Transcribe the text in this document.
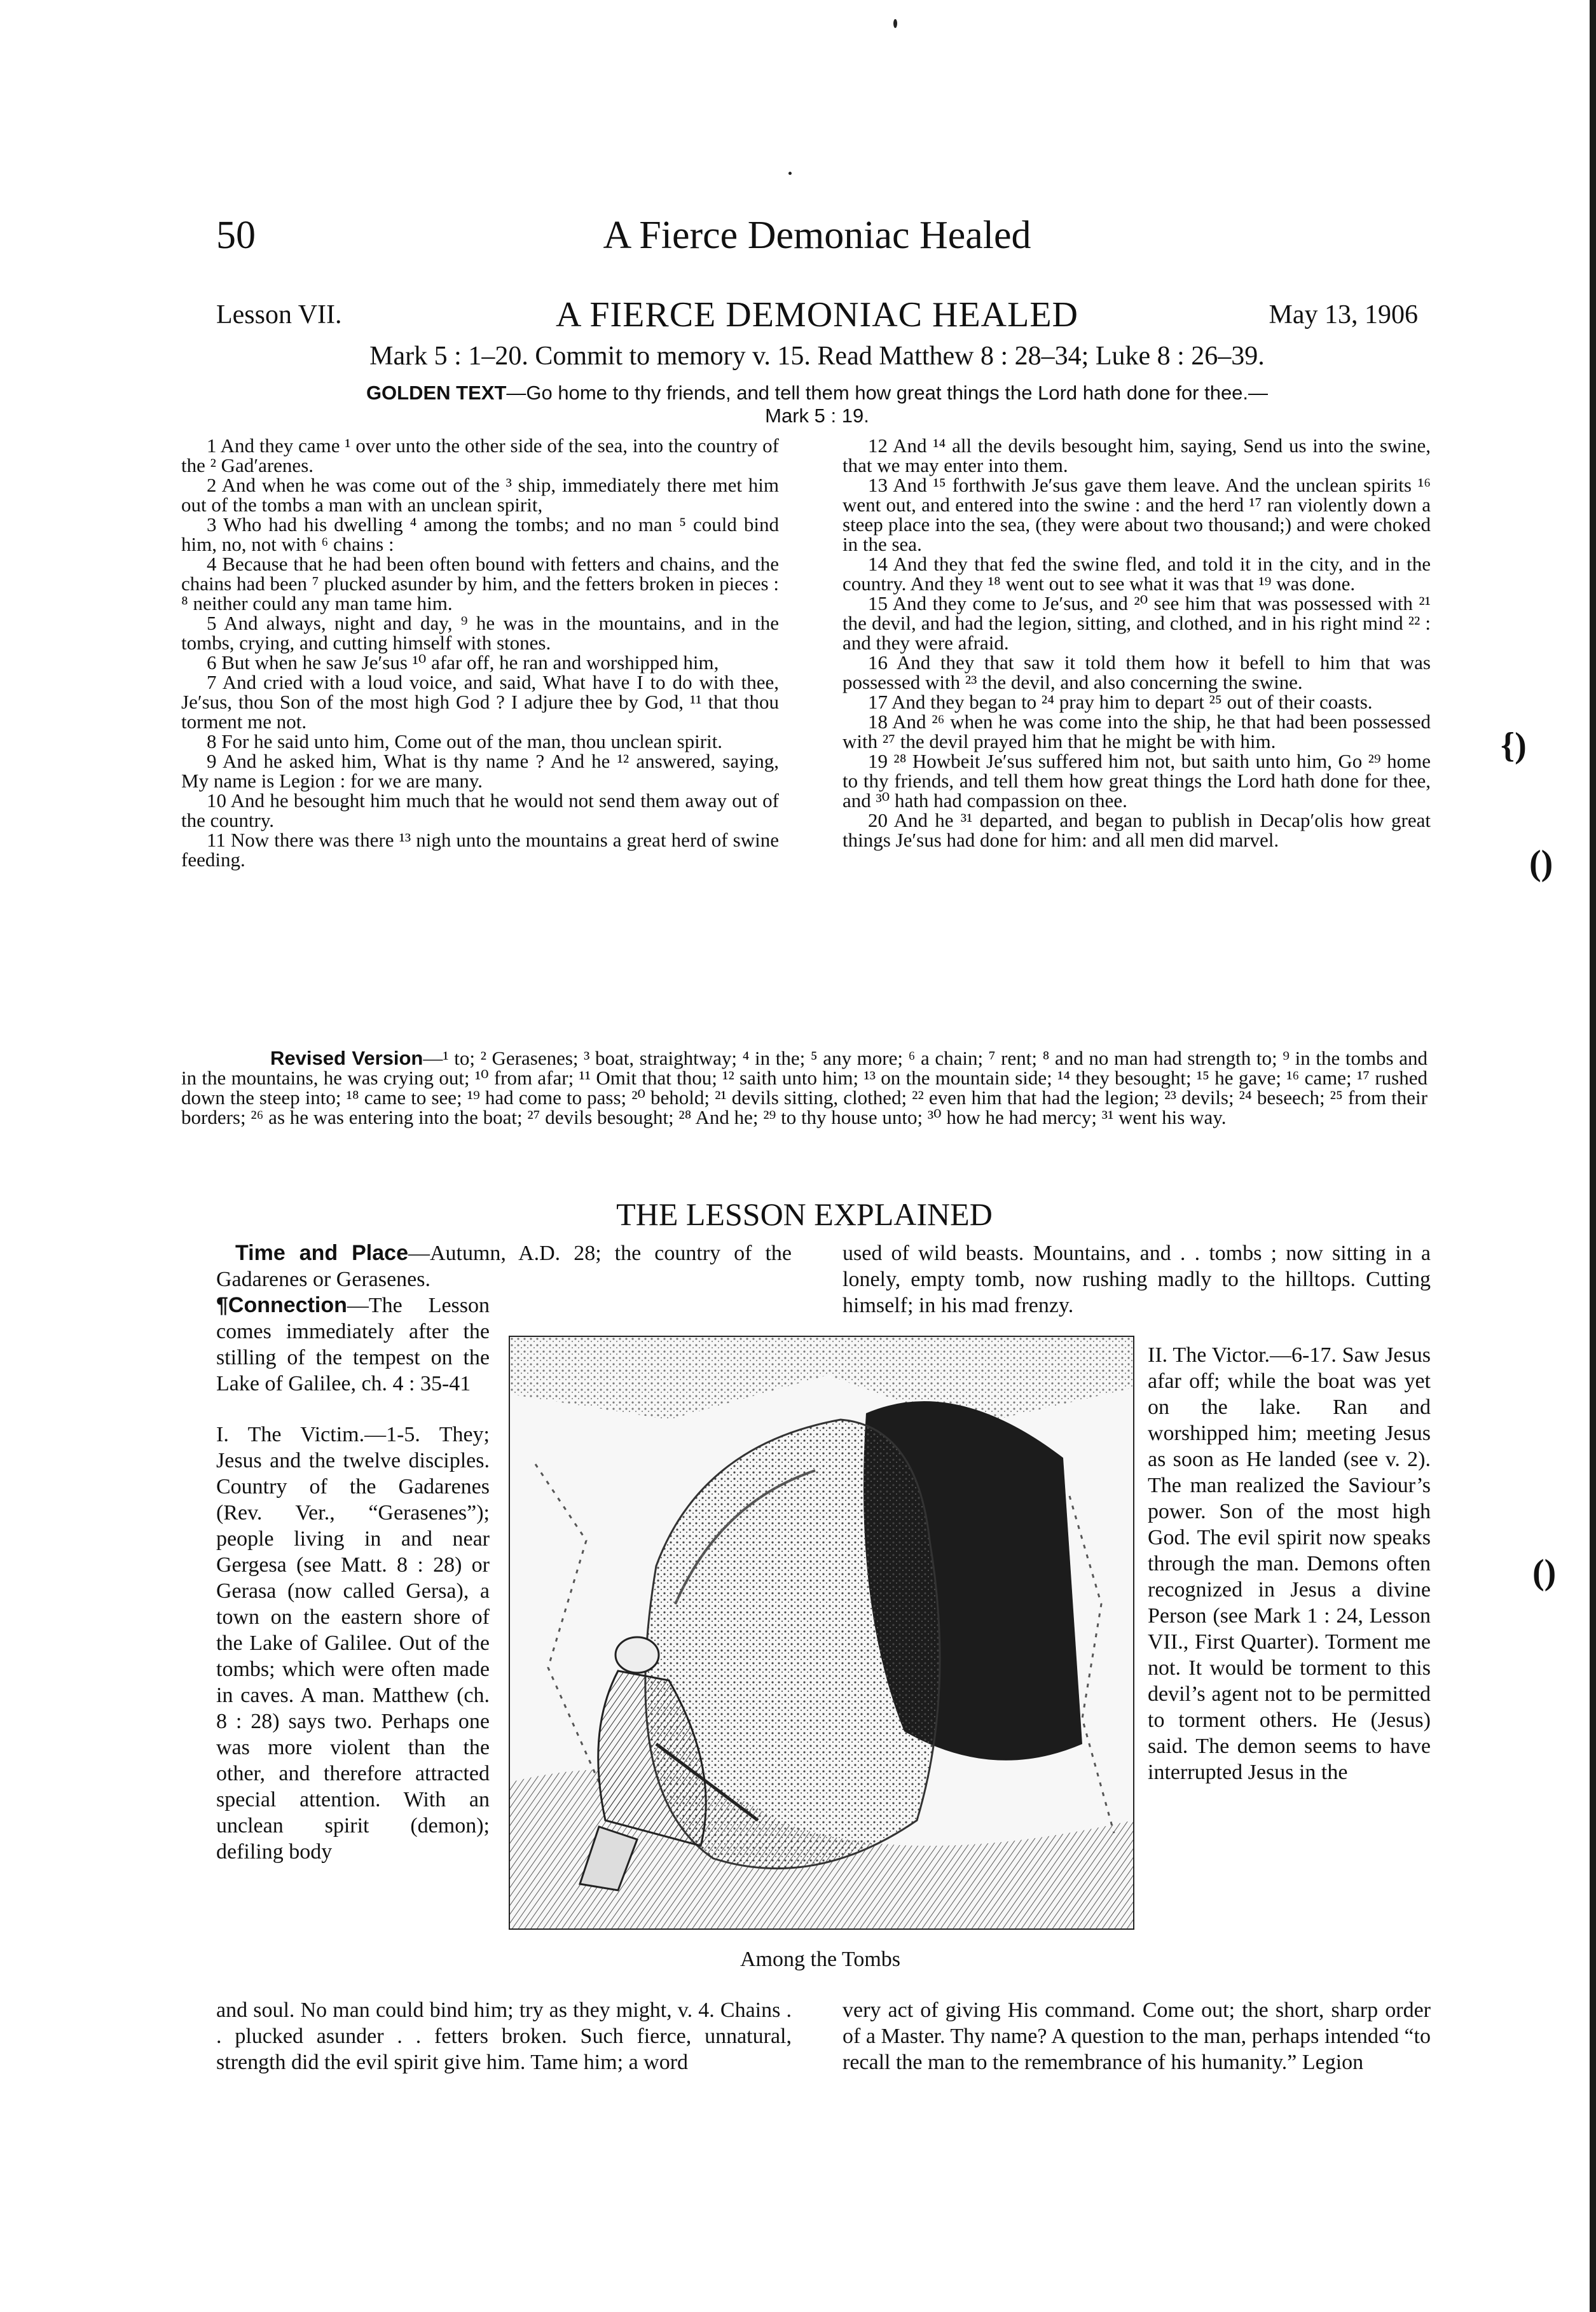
{)
()
()
50	A Fierce Demoniac Healed
Lesson VII.	A FIERCE DEMONIAC HEALED	May 13, 1906
Mark 5 : 1–20. Commit to memory v. 15. Read Matthew 8 : 28–34; Luke 8 : 26–39.
GOLDEN TEXT—Go home to thy friends, and tell them how great things the Lord hath done for thee.—
Mark 5 : 19.

1 And they came ¹ over unto the other side of the sea, into the country of the ² Gad′arenes.

2 And when he was come out of the ³ ship, immediately there met him out of the tombs a man with an unclean spirit,

3 Who had his dwelling ⁴ among the tombs; and no man ⁵ could bind him, no, not with ⁶ chains :

4 Because that he had been often bound with fetters and chains, and the chains had been ⁷ plucked asunder by him, and the fetters broken in pieces : ⁸ neither could any man tame him.

5 And always, night and day, ⁹ he was in the mountains, and in the tombs, crying, and cutting himself with stones.

6 But when he saw Je′sus ¹⁰ afar off, he ran and worshipped him,

7 And cried with a loud voice, and said, What have I to do with thee, Je′sus, thou Son of the most high God ? I adjure thee by God, ¹¹ that thou torment me not.

8 For he said unto him, Come out of the man, thou unclean spirit.

9 And he asked him, What is thy name ? And he ¹² answered, saying, My name is Legion : for we are many.

10 And he besought him much that he would not send them away out of the country.

11 Now there was there ¹³ nigh unto the mountains a great herd of swine feeding.

12 And ¹⁴ all the devils besought him, saying, Send us into the swine, that we may enter into them.

13 And ¹⁵ forthwith Je′sus gave them leave. And the unclean spirits ¹⁶ went out, and entered into the swine : and the herd ¹⁷ ran violently down a steep place into the sea, (they were about two thousand;) and were choked in the sea.

14 And they that fed the swine fled, and told it in the city, and in the country. And they ¹⁸ went out to see what it was that ¹⁹ was done.

15 And they come to Je′sus, and ²⁰ see him that was possessed with ²¹ the devil, and had the legion, sitting, and clothed, and in his right mind ²² : and they were afraid.

16 And they that saw it told them how it befell to him that was possessed with ²³ the devil, and also concerning the swine.

17 And they began to ²⁴ pray him to depart ²⁵ out of their coasts.

18 And ²⁶ when he was come into the ship, he that had been possessed with ²⁷ the devil prayed him that he might be with him.

19 ²⁸ Howbeit Je′sus suffered him not, but saith unto him, Go ²⁹ home to thy friends, and tell them how great things the Lord hath done for thee, and ³⁰ hath had compassion on thee.

20 And he ³¹ departed, and began to publish in Decap′olis how great things Je′sus had done for him: and all men did marvel.

Revised Version—¹ to; ² Gerasenes; ³ boat, straightway; ⁴ in the; ⁵ any more; ⁶ a chain; ⁷ rent; ⁸ and no man had strength to; ⁹ in the tombs and in the mountains, he was crying out; ¹⁰ from afar; ¹¹ Omit that thou; ¹² saith unto him; ¹³ on the mountain side; ¹⁴ they besought; ¹⁵ he gave; ¹⁶ came; ¹⁷ rushed down the steep into; ¹⁸ came to see; ¹⁹ had come to pass; ²⁰ behold; ²¹ devils sitting, clothed; ²² even him that had the legion; ²³ devils; ²⁴ beseech; ²⁵ from their borders; ²⁶ as he was entering into the boat; ²⁷ devils besought; ²⁸ And he; ²⁹ to thy house unto; ³⁰ how he had mercy; ³¹ went his way.
THE LESSON EXPLAINED

Time and Place—Autumn, A.D. 28; the country of the Gadarenes or Gerasenes.

¶Connection—The Lesson comes immediately after the stilling of the tempest on the Lake of Galilee, ch. 4 : 35-41

I. The Victim.—1-5. They; Jesus and the twelve disciples. Country of the Gadarenes (Rev. Ver., “Gerasenes”); people living in and near Gergesa (see Matt. 8 : 28) or Gerasa (now called Gersa), a town on the eastern shore of the Lake of Galilee. Out of the tombs; which were often made in caves. A man. Matthew (ch. 8 : 28) says two. Perhaps one was more violent than the other, and therefore attracted special attention. With an unclean spirit (demon); defiling body

used of wild beasts. Mountains, and . . tombs ; now sitting in a lonely, empty tomb, now rushing madly to the hilltops. Cutting himself; in his mad frenzy.

II. The Victor.—6-17. Saw Jesus afar off; while the boat was yet on the lake. Ran and worshipped him; meeting Jesus as soon as He landed (see v. 2). The man realized the Saviour’s power. Son of the most high God. The evil spirit now speaks through the man. Demons often recognized in Jesus a divine Person (see Mark 1 : 24, Lesson VII., First Quarter). Torment me not. It would be torment to this devil’s agent not to be permitted to torment others. He (Jesus) said. The demon seems to have interrupted Jesus in the

Among the Tombs
and soul. No man could bind him; try as they might, v. 4. Chains . . plucked asunder . . fetters broken. Such fierce, unnatural, strength did the evil spirit give him. Tame him; a word
very act of giving His command. Come out; the short, sharp order of a Master. Thy name? A question to the man, perhaps intended “to recall the man to the remembrance of his humanity.” Legion
